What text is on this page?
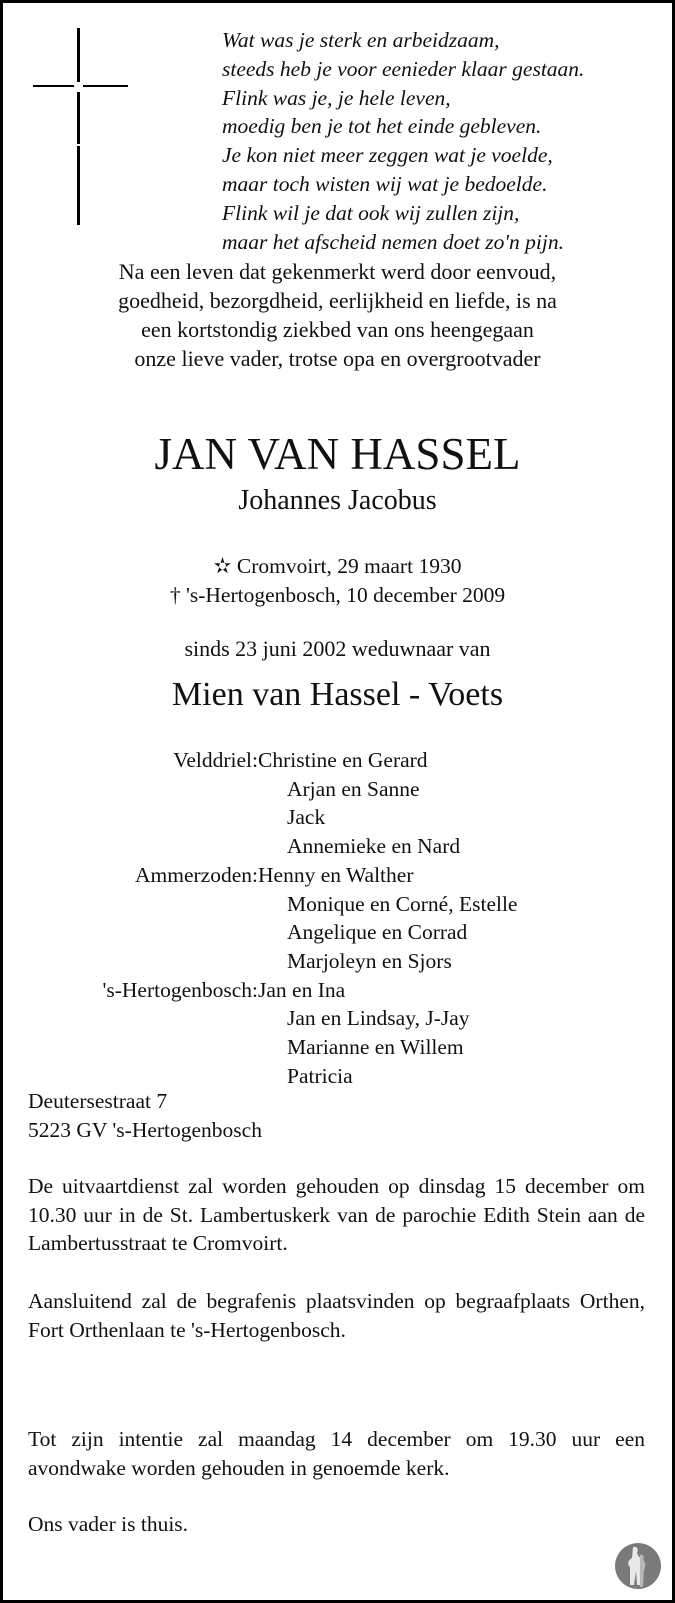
Wat was je sterk en arbeidzaam,
steeds heb je voor eenieder klaar gestaan.
Flink was je, je hele leven,
moedig ben je tot het einde gebleven.
Je kon niet meer zeggen wat je voelde,
maar toch wisten wij wat je bedoelde.
Flink wil je dat ook wij zullen zijn,
maar het afscheid nemen doet zo'n pijn.
Na een leven dat gekenmerkt werd door eenvoud,
goedheid, bezorgdheid, eerlijkheid en liefde, is na
een kortstondig ziekbed van ons heengegaan
onze lieve vader, trotse opa en overgrootvader
JAN VAN HASSEL
Johannes Jacobus
✫ Cromvoirt, 29 maart 1930
† 's-Hertogenbosch, 10 december 2009
sinds 23 juni 2002 weduwnaar van
Mien van Hassel - Voets
Velddriel: Christine en Gerard
Arjan en Sanne
Jack
Annemieke en Nard
Ammerzoden: Henny en Walther
Monique en Corné, Estelle
Angelique en Corrad
Marjoleyn en Sjors
's-Hertogenbosch: Jan en Ina
Jan en Lindsay, J-Jay
Marianne en Willem
Patricia
Deutersestraat 7
5223 GV 's-Hertogenbosch
De uitvaartdienst zal worden gehouden op dinsdag 15 december om 10.30 uur in de St. Lambertuskerk van de parochie Edith Stein aan de Lambertusstraat te Cromvoirt.
Aansluitend zal de begrafenis plaatsvinden op begraafplaats Orthen, Fort Orthenlaan te 's-Hertogenbosch.
Tot zijn intentie zal maandag 14 december om 19.30 uur een avondwake worden gehouden in genoemde kerk.
Ons vader is thuis.
